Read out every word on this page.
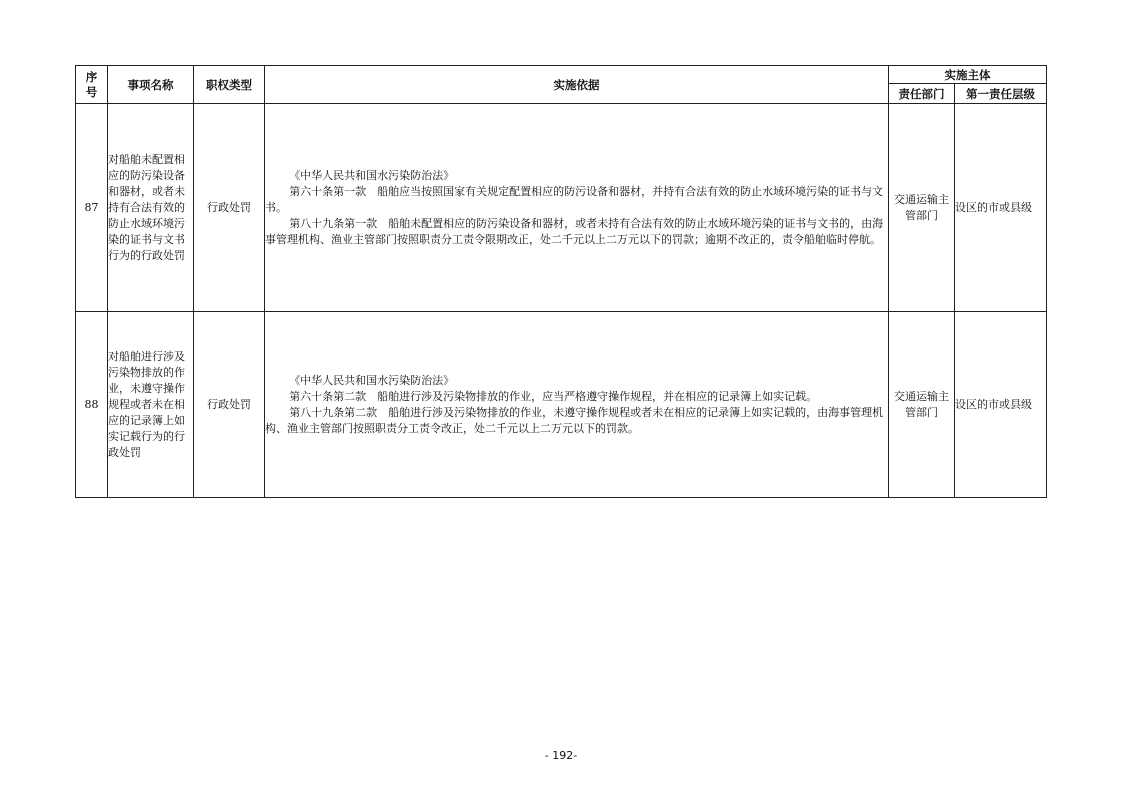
序
号	事项名称	职权类型	实施依据	实施主体	
				责任部门	第一责任层级
87	对船舶未配置相应的防污染设备和器材，或者未持有合法有效的防止水域环境污染的证书与文书行为的行政处罚	行政处罚	《中华人民共和国水污染防治法》

第六十条第一款　船舶应当按照国家有关规定配置相应的防污设备和器材，并持有合法有效的防止水域环境污染的证书与文书。

第八十九条第一款　船舶未配置相应的防污染设备和器材，或者未持有合法有效的防止水域环境污染的证书与文书的，由海事管理机构、渔业主管部门按照职责分工责令限期改正，处二千元以上二万元以下的罚款；逾期不改正的，责令船舶临时停航。	交通运输主管部门	设区的市或县级
88	对船舶进行涉及污染物排放的作业，未遵守操作规程或者未在相应的记录簿上如实记载行为的行政处罚	行政处罚	《中华人民共和国水污染防治法》

第六十条第二款　船舶进行涉及污染物排放的作业，应当严格遵守操作规程，并在相应的记录簿上如实记载。

第八十九条第二款　船舶进行涉及污染物排放的作业，未遵守操作规程或者未在相应的记录簿上如实记载的，由海事管理机构、渔业主管部门按照职责分工责令改正，处二千元以上二万元以下的罚款。	交通运输主管部门	设区的市或县级
- 192-
